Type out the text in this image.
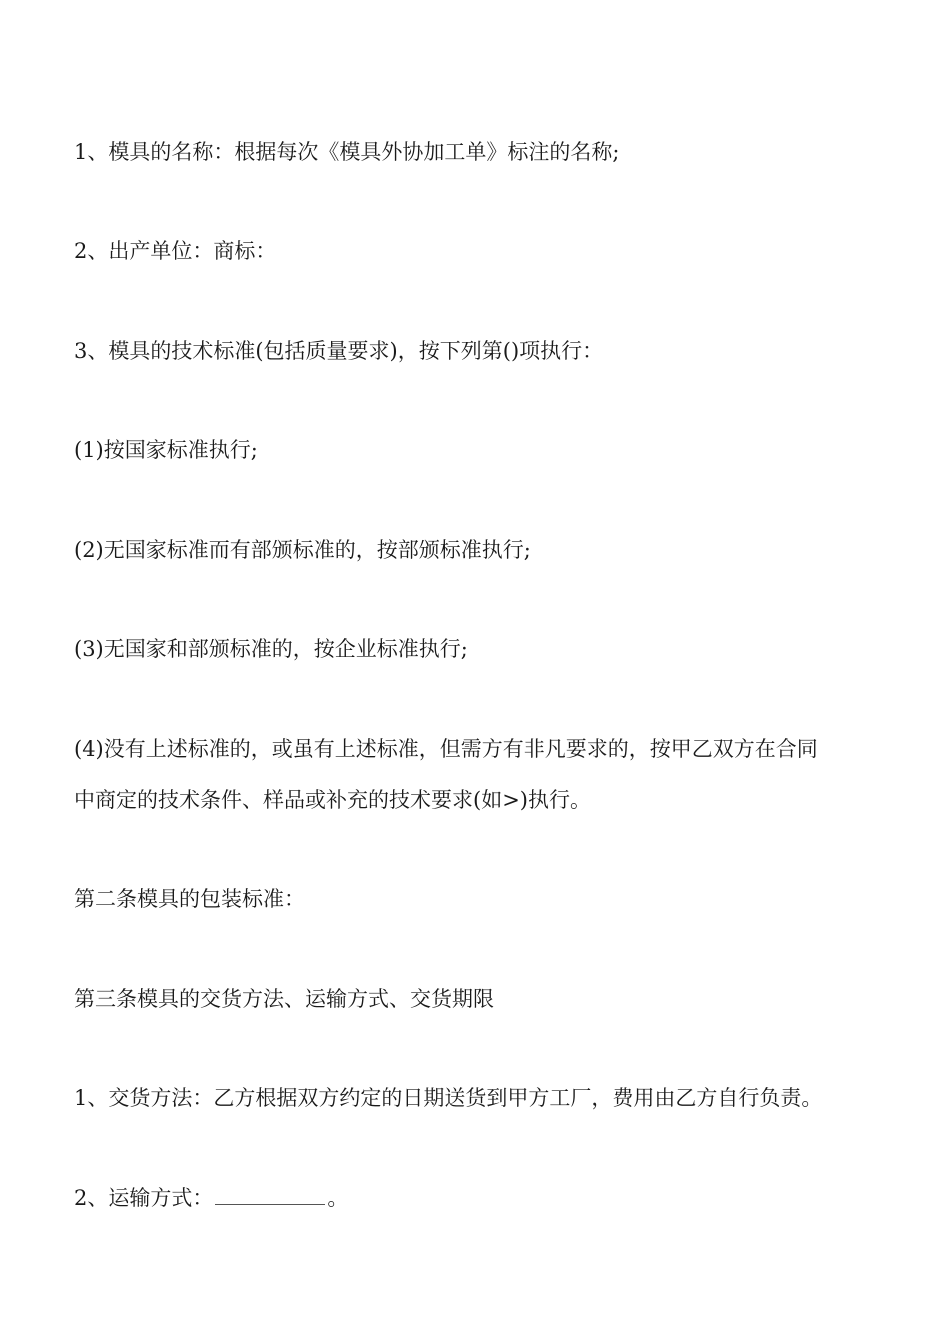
1、模具的名称：根据每次《模具外协加工单》标注的名称;
2、出产单位：商标：
3、模具的技术标准(包括质量要求)，按下列第()项执行：
(1)按国家标准执行;
(2)无国家标准而有部颁标准的，按部颁标准执行;
(3)无国家和部颁标准的，按企业标准执行;
(4)没有上述标准的，或虽有上述标准，但需方有非凡要求的，按甲乙双方在合同
中商定的技术条件、样品或补充的技术要求(如>)执行。
第二条模具的包装标准：
第三条模具的交货方法、运输方式、交货期限
1、交货方法：乙方根据双方约定的日期送货到甲方工厂，费用由乙方自行负责。
2、运输方式：	。
